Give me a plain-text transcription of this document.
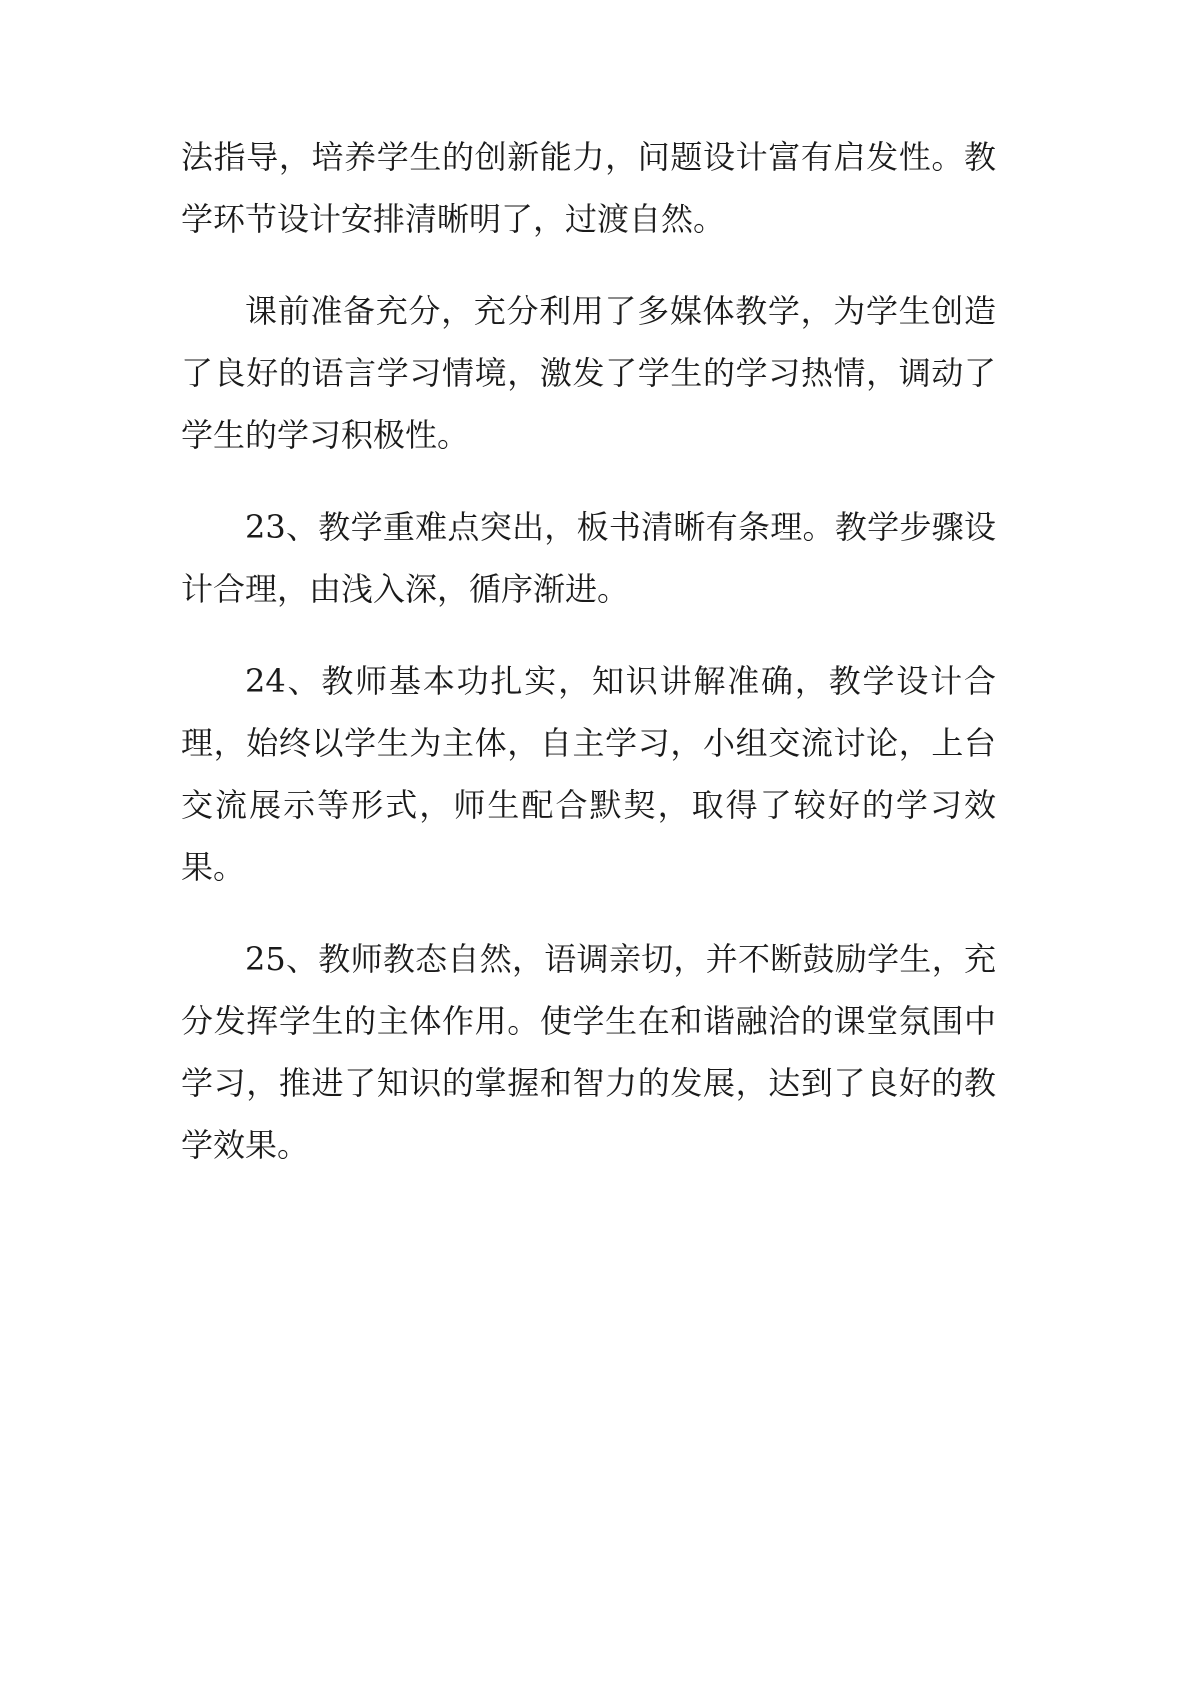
法指导，培养学生的创新能力，问题设计富有启发性。教学环节设计安排清晰明了，过渡自然。

课前准备充分，充分利用了多媒体教学，为学生创造了良好的语言学习情境，激发了学生的学习热情，调动了学生的学习积极性。

23、教学重难点突出，板书清晰有条理。教学步骤设计合理，由浅入深，循序渐进。

24、教师基本功扎实，知识讲解准确，教学设计合理，始终以学生为主体，自主学习，小组交流讨论，上台交流展示等形式，师生配合默契，取得了较好的学习效果。

25、教师教态自然，语调亲切，并不断鼓励学生，充分发挥学生的主体作用。使学生在和谐融洽的课堂氛围中学习，推进了知识的掌握和智力的发展，达到了良好的教学效果。
